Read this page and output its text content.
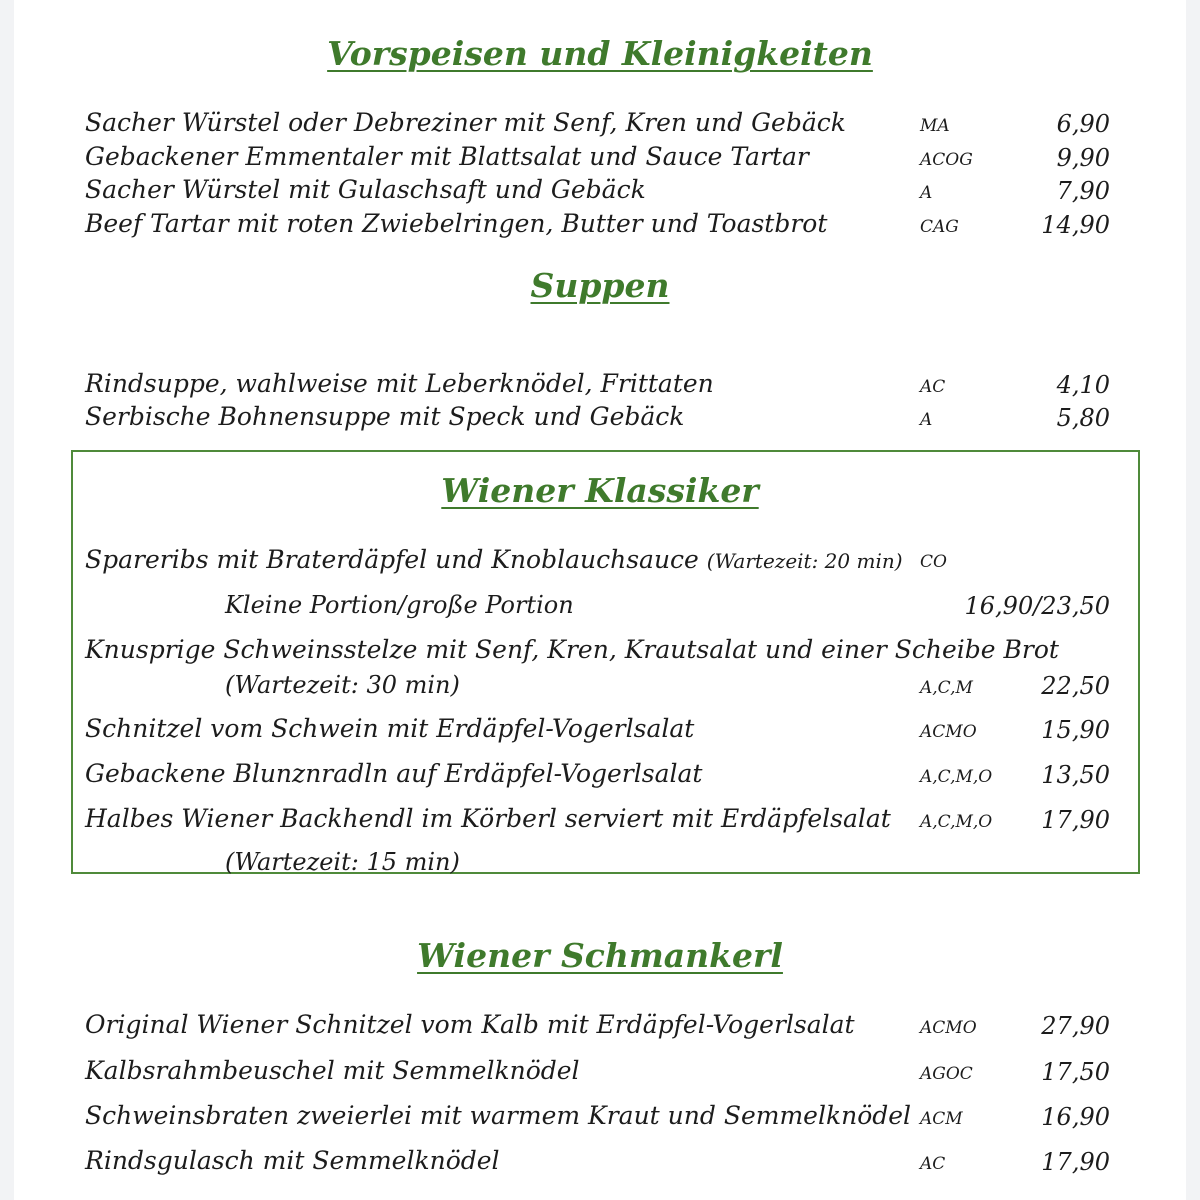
Vorspeisen und Kleinigkeiten
Sacher Würstel oder Debreziner mit Senf, Kren und Gebäck	MA	6,90
Gebackener Emmentaler mit Blattsalat und Sauce Tartar	ACOG	9,90
Sacher Würstel mit Gulaschsaft und Gebäck	A	7,90
Beef Tartar mit roten Zwiebelringen, Butter und Toastbrot	CAG	14,90
Suppen
Rindsuppe, wahlweise mit Leberknödel, Frittaten	AC	4,10
Serbische Bohnensuppe mit Speck und Gebäck	A	5,80
Wiener Klassiker
Spareribs mit Braterdäpfel und Knoblauchsauce (Wartezeit: 20 min) CO
Kleine Portion/große Portion	16,90/23,50
Knusprige Schweinsstelze mit Senf, Kren, Krautsalat und einer Scheibe Brot
(Wartezeit: 30 min)	A,C,M	22,50
Schnitzel vom Schwein mit Erdäpfel-Vogerlsalat	ACMO	15,90
Gebackene Blunznradln auf Erdäpfel-Vogerlsalat	A,C,M,O 13,50
Halbes Wiener Backhendl im Körberl serviert mit Erdäpfelsalat A,C,M,O 17,90
(Wartezeit: 15 min)
Wiener Schmankerl
Original Wiener Schnitzel vom Kalb mit Erdäpfel-Vogerlsalat	ACMO	27,90
Kalbsrahmbeuschel mit Semmelknödel	AGOC	17,50
Schweinsbraten zweierlei mit warmem Kraut und Semmelknödel ACM	16,90
Rindsgulasch mit Semmelknödel	AC	17,90
